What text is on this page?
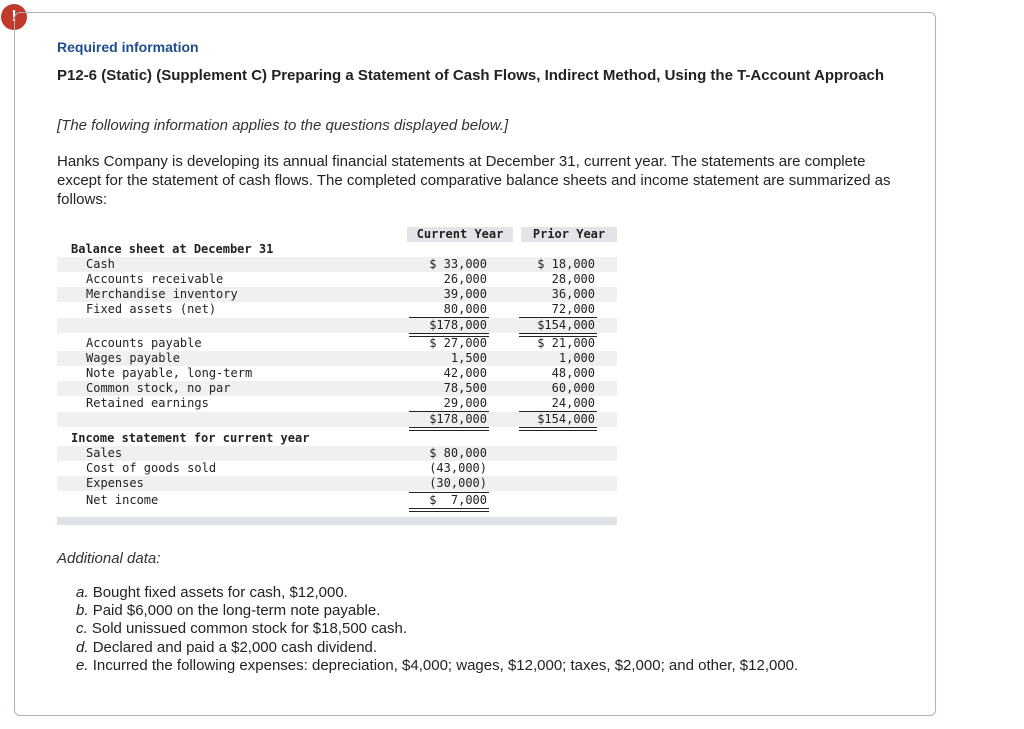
!
Required information
P12-6 (Static) (Supplement C) Preparing a Statement of Cash Flows, Indirect Method, Using the T-Account Approach
[The following information applies to the questions displayed below.]
Hanks Company is developing its annual financial statements at December 31, current year. The statements are complete except for the statement of cash flows. The completed comparative balance sheets and income statement are summarized as follows:
Current Year	Prior Year
Balance sheet at December 31
Cash	$ 33,000	$ 18,000
Accounts receivable	26,000	28,000
Merchandise inventory	39,000	36,000
Fixed assets (net)	80,000	72,000
$178,000	$154,000
Accounts payable	$ 27,000	$ 21,000
Wages payable	1,500	1,000
Note payable, long-term	42,000	48,000
Common stock, no par	78,500	60,000
Retained earnings	29,000	24,000
$178,000	$154,000
Income statement for current year
Sales	$ 80,000
Cost of goods sold	(43,000)
Expenses	(30,000)
Net income	$  7,000
Additional data:
a. Bought fixed assets for cash, $12,000.
b. Paid $6,000 on the long-term note payable.
c. Sold unissued common stock for $18,500 cash.
d. Declared and paid a $2,000 cash dividend.
e. Incurred the following expenses: depreciation, $4,000; wages, $12,000; taxes, $2,000; and other, $12,000.
